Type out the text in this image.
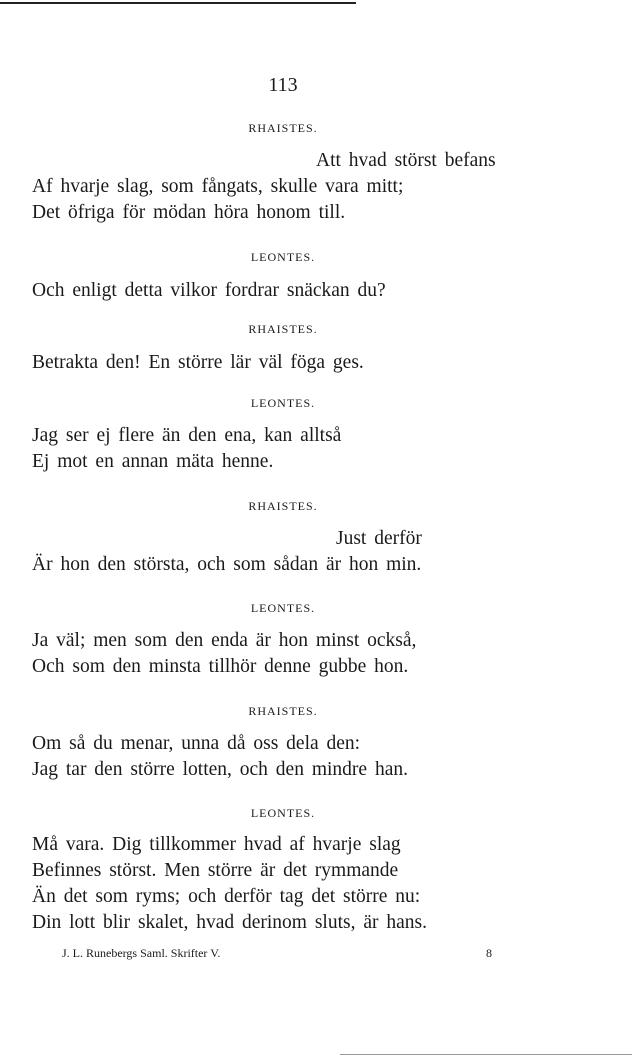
113
RHAISTES.
Att hvad störst befans
Af hvarje slag, som fångats, skulle vara mitt;
Det öfriga för mödan höra honom till.
LEONTES.
Och enligt detta vilkor fordrar snäckan du?
RHAISTES.
Betrakta den! En större lär väl föga ges.
LEONTES.
Jag ser ej flere än den ena, kan alltså
Ej mot en annan mäta henne.
RHAISTES.
Just derför
Är hon den största, och som sådan är hon min.
LEONTES.
Ja väl; men som den enda är hon minst också,
Och som den minsta tillhör denne gubbe hon.
RHAISTES.
Om så du menar, unna då oss dela den:
Jag tar den större lotten, och den mindre han.
LEONTES.
Må vara. Dig tillkommer hvad af hvarje slag
Befinnes störst. Men större är det rymmande
Än det som ryms; och derför tag det större nu:
Din lott blir skalet, hvad derinom sluts, är hans.
J. L. Runebergs Saml. Skrifter V.	8
